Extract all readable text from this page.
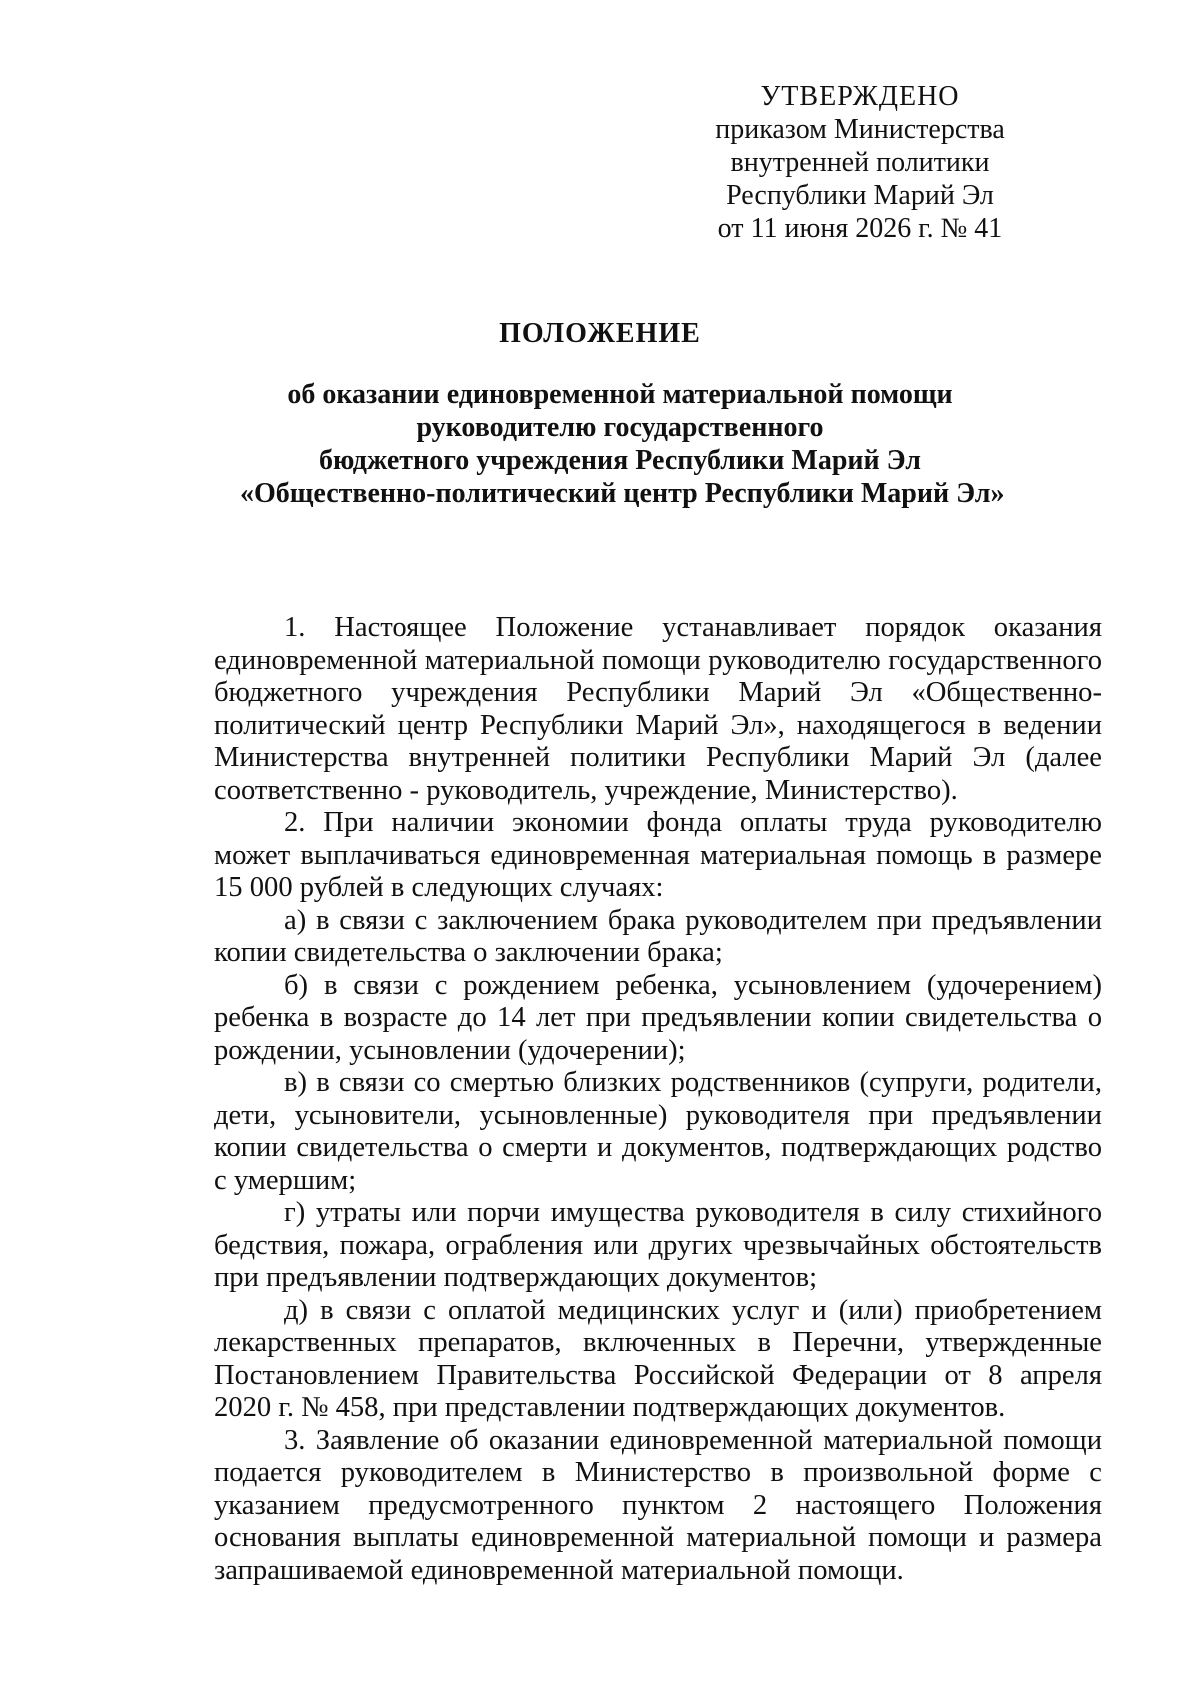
УТВЕРЖДЕНО
приказом Министерства
внутренней политики
Республики Марий Эл
от 11 июня 2026 г. № 41
ПОЛОЖЕНИЕ
об оказании единовременной материальной помощи
руководителю государственного
бюджетного учреждения Республики Марий Эл
«Общественно-политический центр Республики Марий Эл»

1. Настоящее Положение устанавливает порядок оказания единовременной материальной помощи руководителю государственного бюджетного учреждения Республики Марий Эл «Общественно-политический центр Республики Марий Эл», находящегося в ведении Министерства внутренней политики Республики Марий Эл (далее соответственно - руководитель, учреждение, Министерство).

2. При наличии экономии фонда оплаты труда руководителю может выплачиваться единовременная материальная помощь в размере 15 000 рублей в следующих случаях:

а) в связи с заключением брака руководителем при предъявлении копии свидетельства о заключении брака;

б) в связи с рождением ребенка, усыновлением (удочерением) ребенка в возрасте до 14 лет при предъявлении копии свидетельства о рождении, усыновлении (удочерении);

в) в связи со смертью близких родственников (супруги, родители, дети, усыновители, усыновленные) руководителя при предъявлении копии свидетельства о смерти и документов, подтверждающих родство с умершим;

г) утраты или порчи имущества руководителя в силу стихийного бедствия, пожара, ограбления или других чрезвычайных обстоятельств при предъявлении подтверждающих документов;

д) в связи с оплатой медицинских услуг и (или) приобретением лекарственных препаратов, включенных в Перечни, утвержденные Постановлением Правительства Российской Федерации от 8 апреля 2020 г. № 458, при представлении подтверждающих документов.

3. Заявление об оказании единовременной материальной помощи подается руководителем в Министерство в произвольной форме с указанием предусмотренного пунктом 2 настоящего Положения основания выплаты единовременной материальной помощи и размера запрашиваемой единовременной материальной помощи.
